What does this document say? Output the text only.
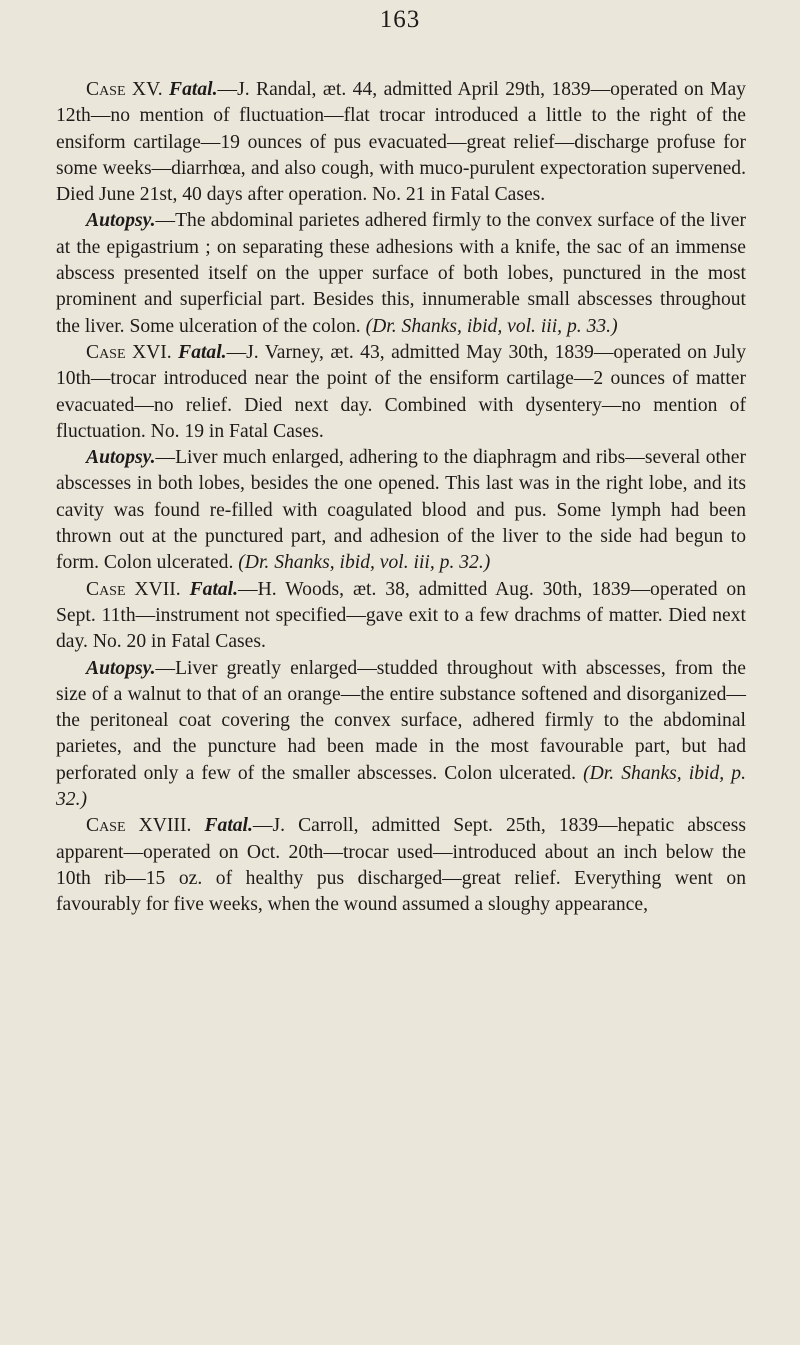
163

Case XV. Fatal.—J. Randal, æt. 44, admitted April 29th, 1839—operated on May 12th—no mention of fluctuation—flat trocar introduced a little to the right of the ensiform cartilage—19 ounces of pus evacuated—great relief—discharge profuse for some weeks—diarrhœa, and also cough, with muco-purulent expectoration supervened. Died June 21st, 40 days after operation. No. 21 in Fatal Cases.

Autopsy.—The abdominal parietes adhered firmly to the convex surface of the liver at the epigastrium ; on separating these adhesions with a knife, the sac of an immense abscess presented itself on the upper surface of both lobes, punctured in the most prominent and superficial part. Besides this, innumerable small abscesses throughout the liver. Some ulceration of the colon. (Dr. Shanks, ibid, vol. iii, p. 33.)

Case XVI. Fatal.—J. Varney, æt. 43, admitted May 30th, 1839—operated on July 10th—trocar introduced near the point of the ensiform cartilage—2 ounces of matter evacuated—no relief. Died next day. Combined with dysentery—no mention of fluctuation. No. 19 in Fatal Cases.

Autopsy.—Liver much enlarged, adhering to the diaphragm and ribs—several other abscesses in both lobes, besides the one opened. This last was in the right lobe, and its cavity was found re-filled with coagulated blood and pus. Some lymph had been thrown out at the punctured part, and adhesion of the liver to the side had begun to form. Colon ulcerated. (Dr. Shanks, ibid, vol. iii, p. 32.)

Case XVII. Fatal.—H. Woods, æt. 38, admitted Aug. 30th, 1839—operated on Sept. 11th—instrument not specified—gave exit to a few drachms of matter. Died next day. No. 20 in Fatal Cases.

Autopsy.—Liver greatly enlarged—studded throughout with abscesses, from the size of a walnut to that of an orange—the entire substance softened and disorganized—the peritoneal coat covering the convex surface, adhered firmly to the abdominal parietes, and the puncture had been made in the most favourable part, but had perforated only a few of the smaller abscesses. Colon ulcerated. (Dr. Shanks, ibid, p. 32.)

Case XVIII. Fatal.—J. Carroll, admitted Sept. 25th, 1839—hepatic abscess apparent—operated on Oct. 20th—trocar used—introduced about an inch below the 10th rib—15 oz. of healthy pus discharged—great relief. Everything went on favourably for five weeks, when the wound assumed a sloughy appearance,
